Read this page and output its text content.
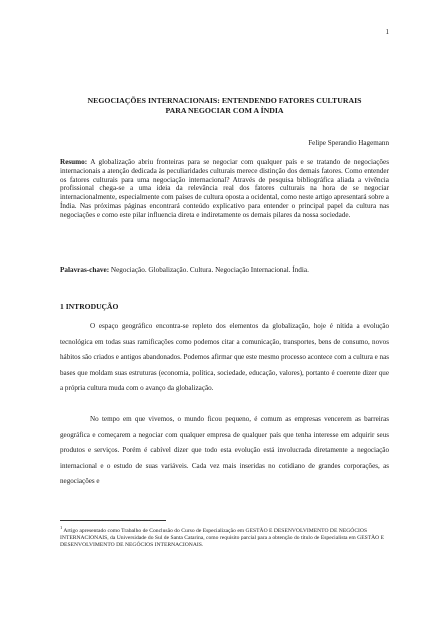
1
NEGOCIAÇÕES INTERNACIONAIS: ENTENDENDO FATORES CULTURAIS
PARA NEGOCIAR COM A ÍNDIA
Felipe Sperandio Hagemann
Resumo: A globalização abriu fronteiras para se negociar com qualquer país e se tratando de negociações internacionais a atenção dedicada às peculiaridades culturais merece distinção dos demais fatores. Como entender os fatores culturais para uma negociação internacional? Através de pesquisa bibliográfica aliada a vivência profissional chega-se a uma ideia da relevância real dos fatores culturais na hora de se negociar internacionalmente, especialmente com países de cultura oposta a ocidental, como neste artigo apresentará sobre a Índia. Nas próximas páginas encontrará conteúdo explicativo para entender o principal papel da cultura nas negociações e como este pilar influencia direta e indiretamente os demais pilares da nossa sociedade.
Palavras-chave: Negociação. Globalização. Cultura. Negociação Internacional. Índia.
1 INTRODUÇÃO
O espaço geográfico encontra-se repleto dos elementos da globalização, hoje é nítida a evolução tecnológica em todas suas ramificações como podemos citar a comunicação, transportes, bens de consumo, novos hábitos são criados e antigos abandonados. Podemos afirmar que este mesmo processo acontece com a cultura e nas bases que moldam suas estruturas (economia, política, sociedade, educação, valores), portanto é coerente dizer que a própria cultura muda com o avanço da globalização.
No tempo em que vivemos, o mundo ficou pequeno, é comum as empresas vencerem as barreiras geográfica e começarem a negociar com qualquer empresa de qualquer país que tenha interesse em adquirir seus produtos e serviços. Porém é cabível dizer que todo esta evolução está involucrada diretamente a negociação internacional e o estudo de suas variáveis. Cada vez mais inseridas no cotidiano de grandes corporações, as negociações e
$^1$ Artigo apresentado como Trabalho de Conclusão do Curso de Especialização em GESTÃO E DESENVOLVIMENTO DE NEGÓCIOS INTERNACIONAIS, da Universidade do Sul de Santa Catarina, como requisito parcial para a obtenção do título de Especialista em GESTÃO E DESENVOLVIMENTO DE NEGÓCIOS INTERNACIONAIS.
